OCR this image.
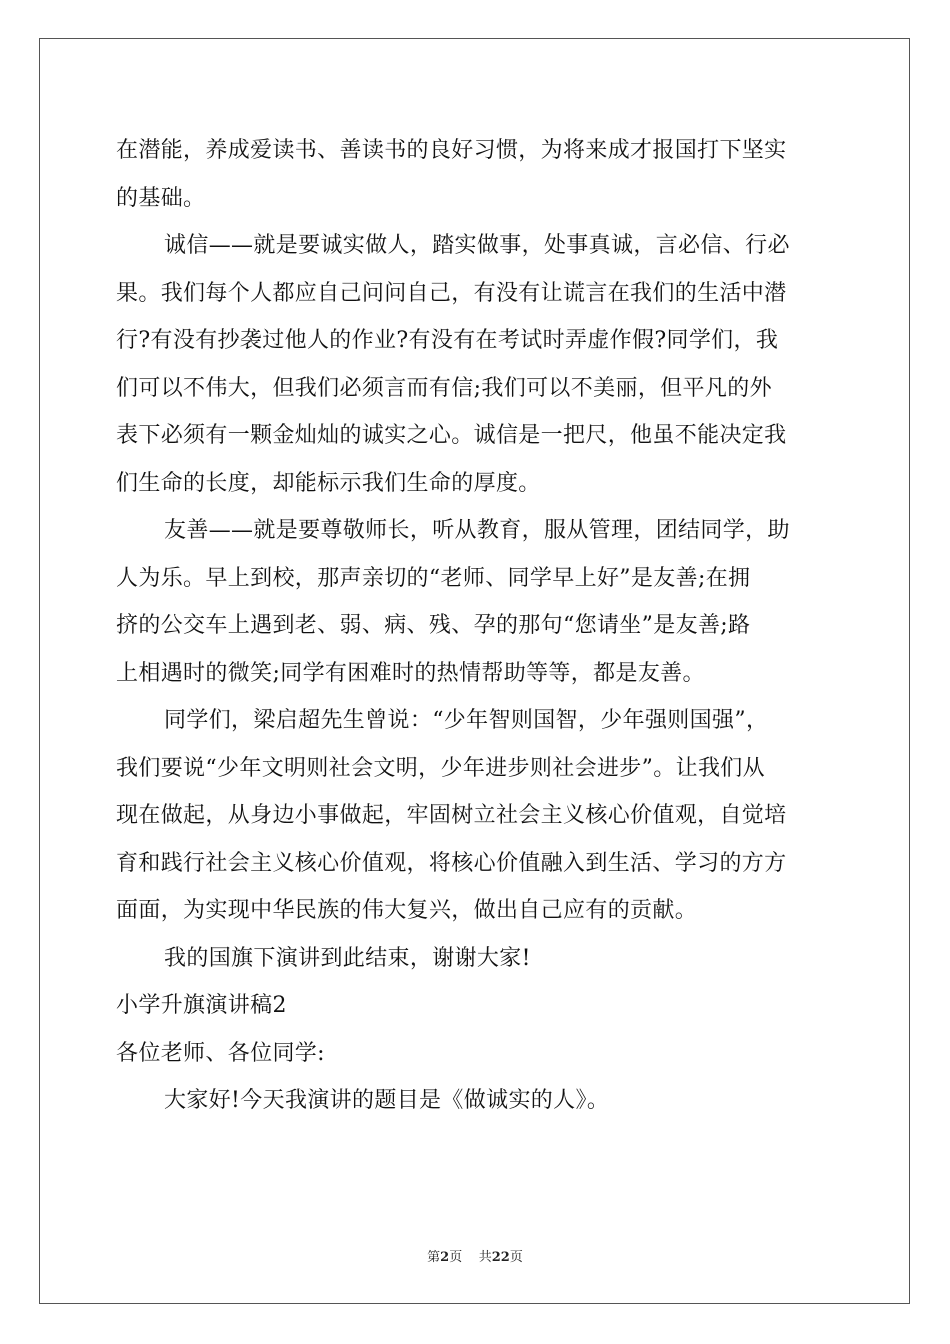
在潜能，养成爱读书、善读书的良好习惯，为将来成才报国打下坚实
的基础。
诚信——就是要诚实做人，踏实做事，处事真诚，言必信、行必
果。我们每个人都应自己问问自己，有没有让谎言在我们的生活中潜
行?有没有抄袭过他人的作业?有没有在考试时弄虚作假?同学们，我
们可以不伟大，但我们必须言而有信;我们可以不美丽，但平凡的外
表下必须有一颗金灿灿的诚实之心。诚信是一把尺，他虽不能决定我
们生命的长度，却能标示我们生命的厚度。
友善——就是要尊敬师长，听从教育，服从管理，团结同学，助
人为乐。早上到校，那声亲切的“老师、同学早上好”是友善;在拥
挤的公交车上遇到老、弱、病、残、孕的那句“您请坐”是友善;路
上相遇时的微笑;同学有困难时的热情帮助等等，都是友善。
同学们，梁启超先生曾说：“少年智则国智，少年强则国强”，
我们要说“少年文明则社会文明，少年进步则社会进步”。让我们从
现在做起，从身边小事做起，牢固树立社会主义核心价值观，自觉培
育和践行社会主义核心价值观，将核心价值融入到生活、学习的方方
面面，为实现中华民族的伟大复兴，做出自己应有的贡献。
我的国旗下演讲到此结束，谢谢大家!
小学升旗演讲稿2
各位老师、各位同学:
大家好!今天我演讲的题目是《做诚实的人》。
第2页 共22页
